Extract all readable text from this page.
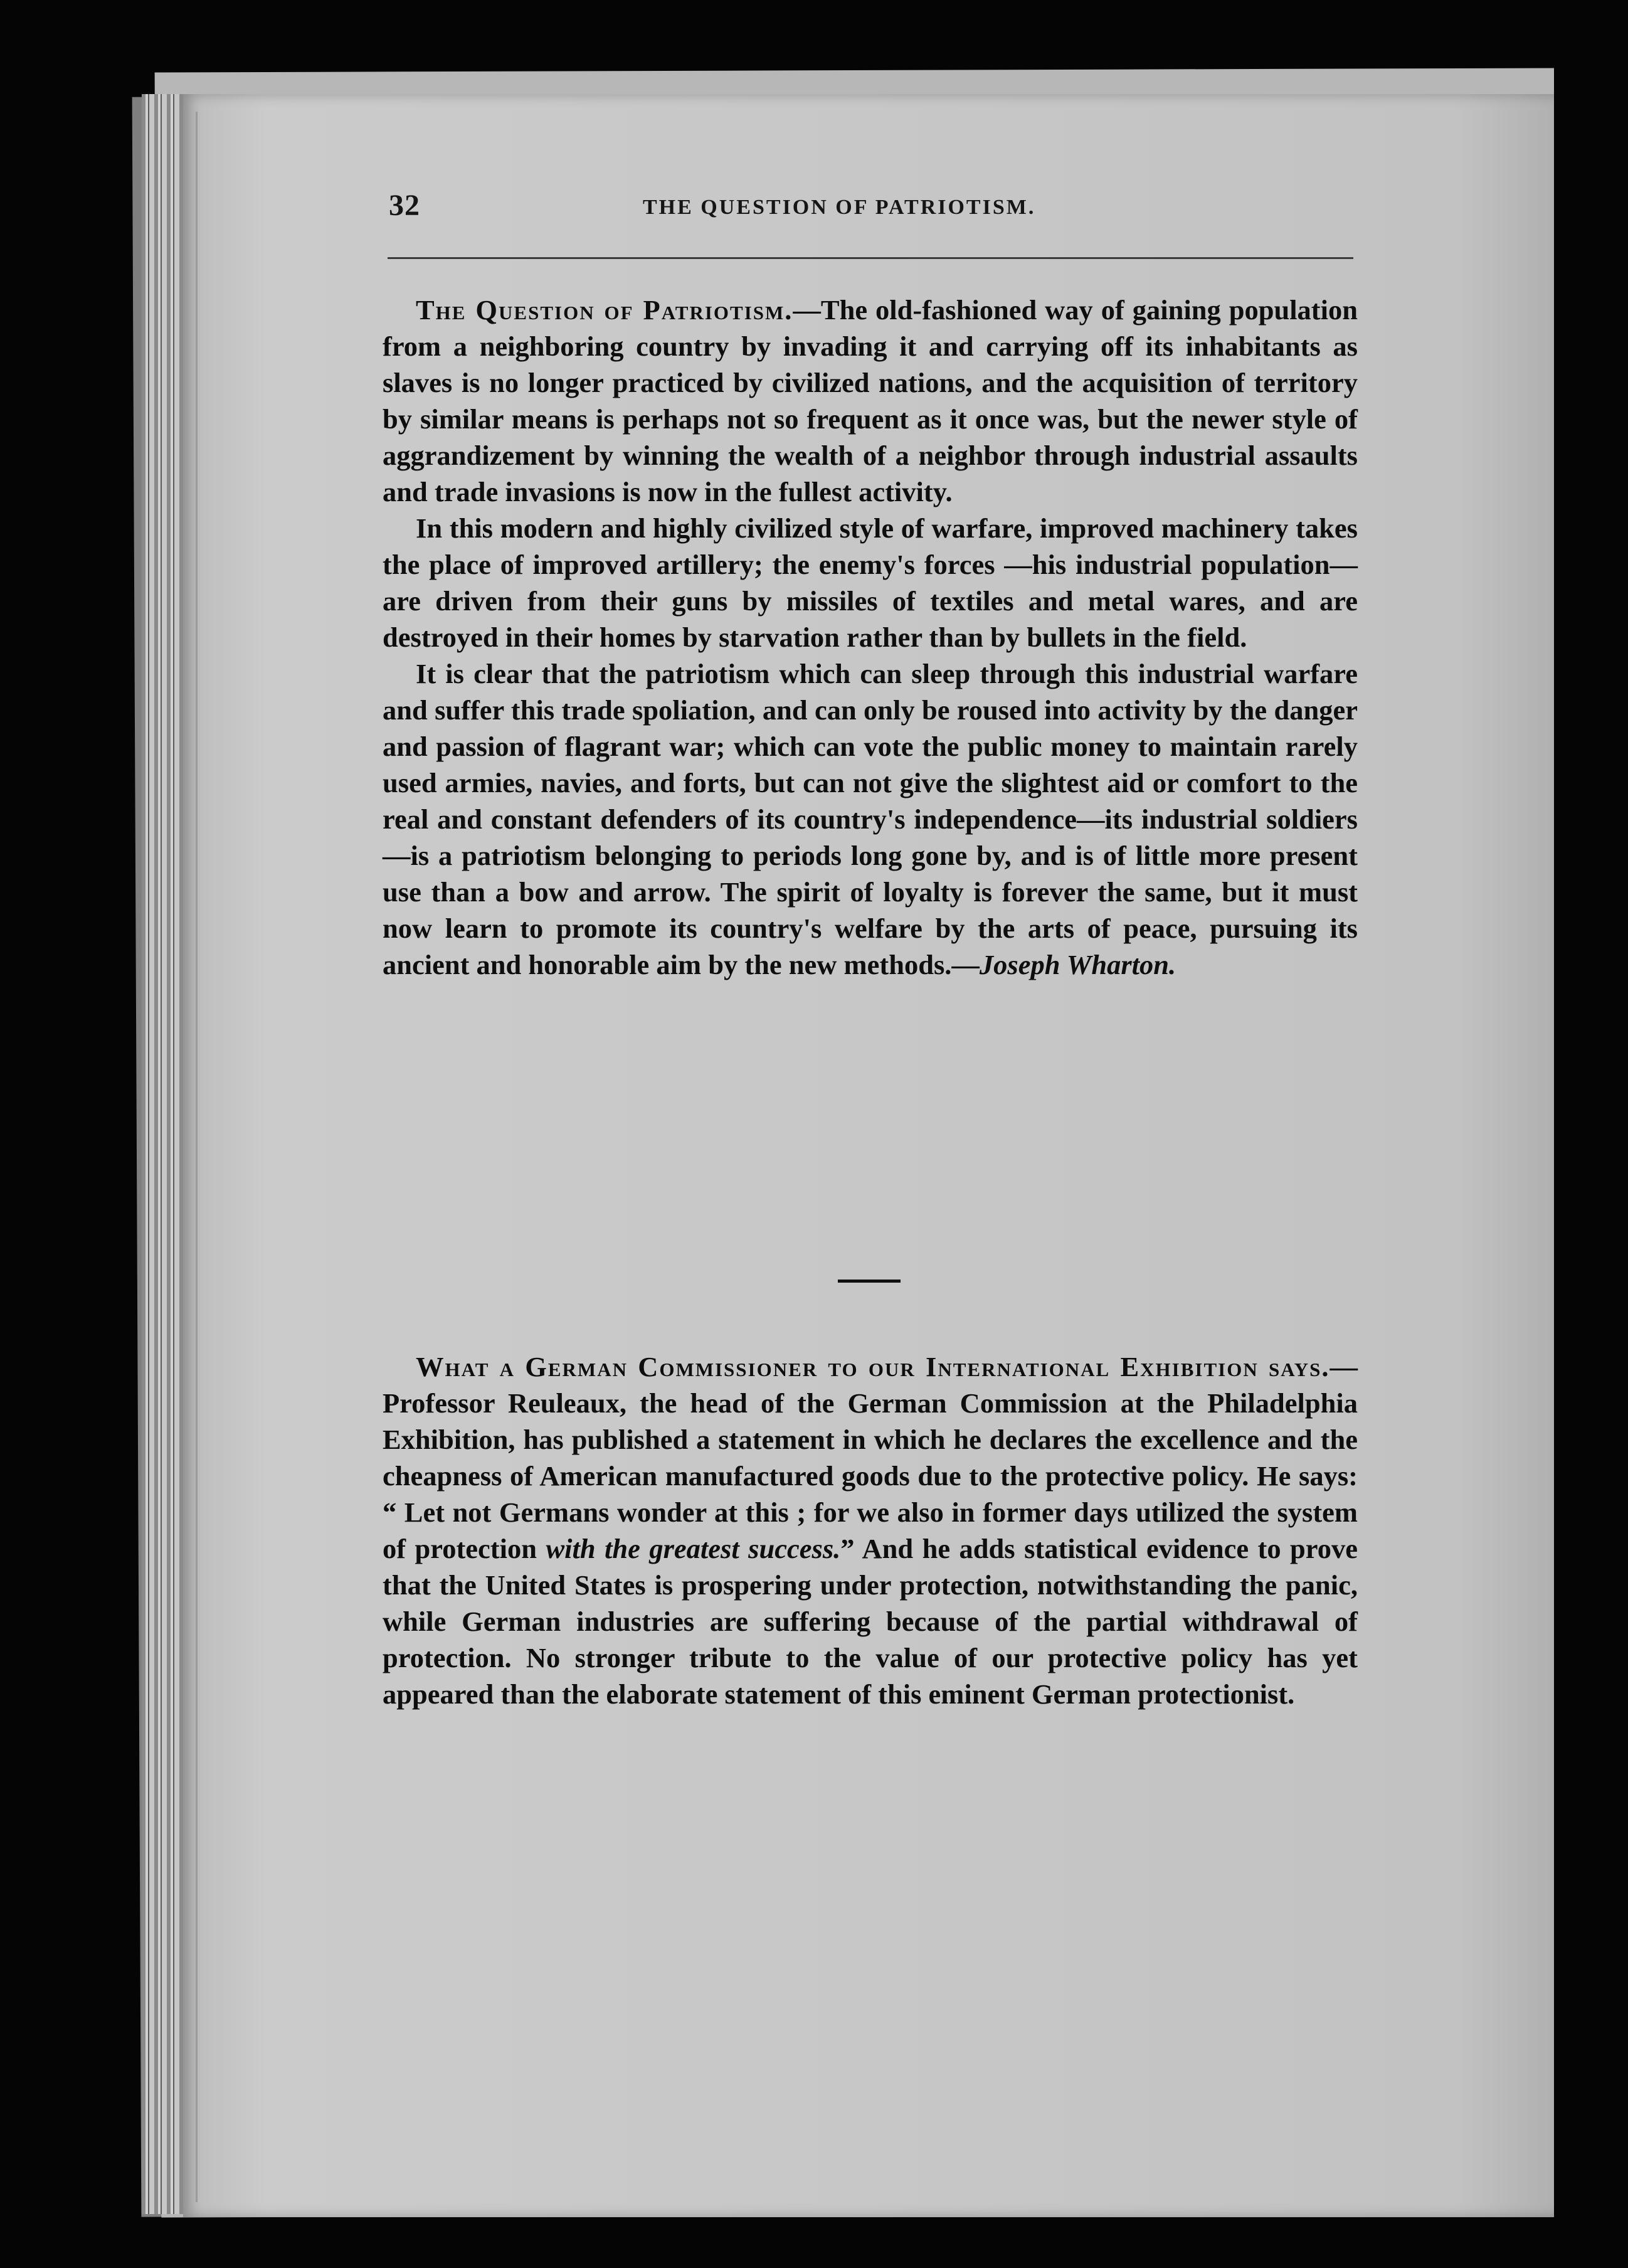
32	THE QUESTION OF PATRIOTISM.

The Question of Patriotism.—The old-fashioned way of gaining population from a neighboring country by invading it and carrying off its inhabitants as slaves is no longer practiced by civilized nations, and the acquisition of territory by similar means is perhaps not so frequent as it once was, but the newer style of aggrandizement by winning the wealth of a neighbor through industrial assaults and trade invasions is now in the fullest activity.

In this modern and highly civilized style of warfare, improved machinery takes the place of improved artillery; the enemy's forces —his industrial population—are driven from their guns by missiles of textiles and metal wares, and are destroyed in their homes by starvation rather than by bullets in the field.

It is clear that the patriotism which can sleep through this industrial warfare and suffer this trade spoliation, and can only be roused into activity by the danger and passion of flagrant war; which can vote the public money to maintain rarely used armies, navies, and forts, but can not give the slightest aid or comfort to the real and constant defenders of its country's independence—its industrial soldiers—is a patriotism belonging to periods long gone by, and is of little more present use than a bow and arrow. The spirit of loyalty is forever the same, but it must now learn to promote its country's welfare by the arts of peace, pursuing its ancient and honorable aim by the new methods.—Joseph Wharton.

What a German Commissioner to our International Exhibition says.—Professor Reuleaux, the head of the German Commission at the Philadelphia Exhibition, has published a statement in which he declares the excellence and the cheapness of American manufactured goods due to the protective policy. He says: “ Let not Germans wonder at this ; for we also in former days utilized the system of protection with the greatest success.” And he adds statistical evidence to prove that the United States is prospering under protection, notwithstanding the panic, while German industries are suffering because of the partial withdrawal of protection. No stronger tribute to the value of our protective policy has yet appeared than the elaborate statement of this eminent German protectionist.
